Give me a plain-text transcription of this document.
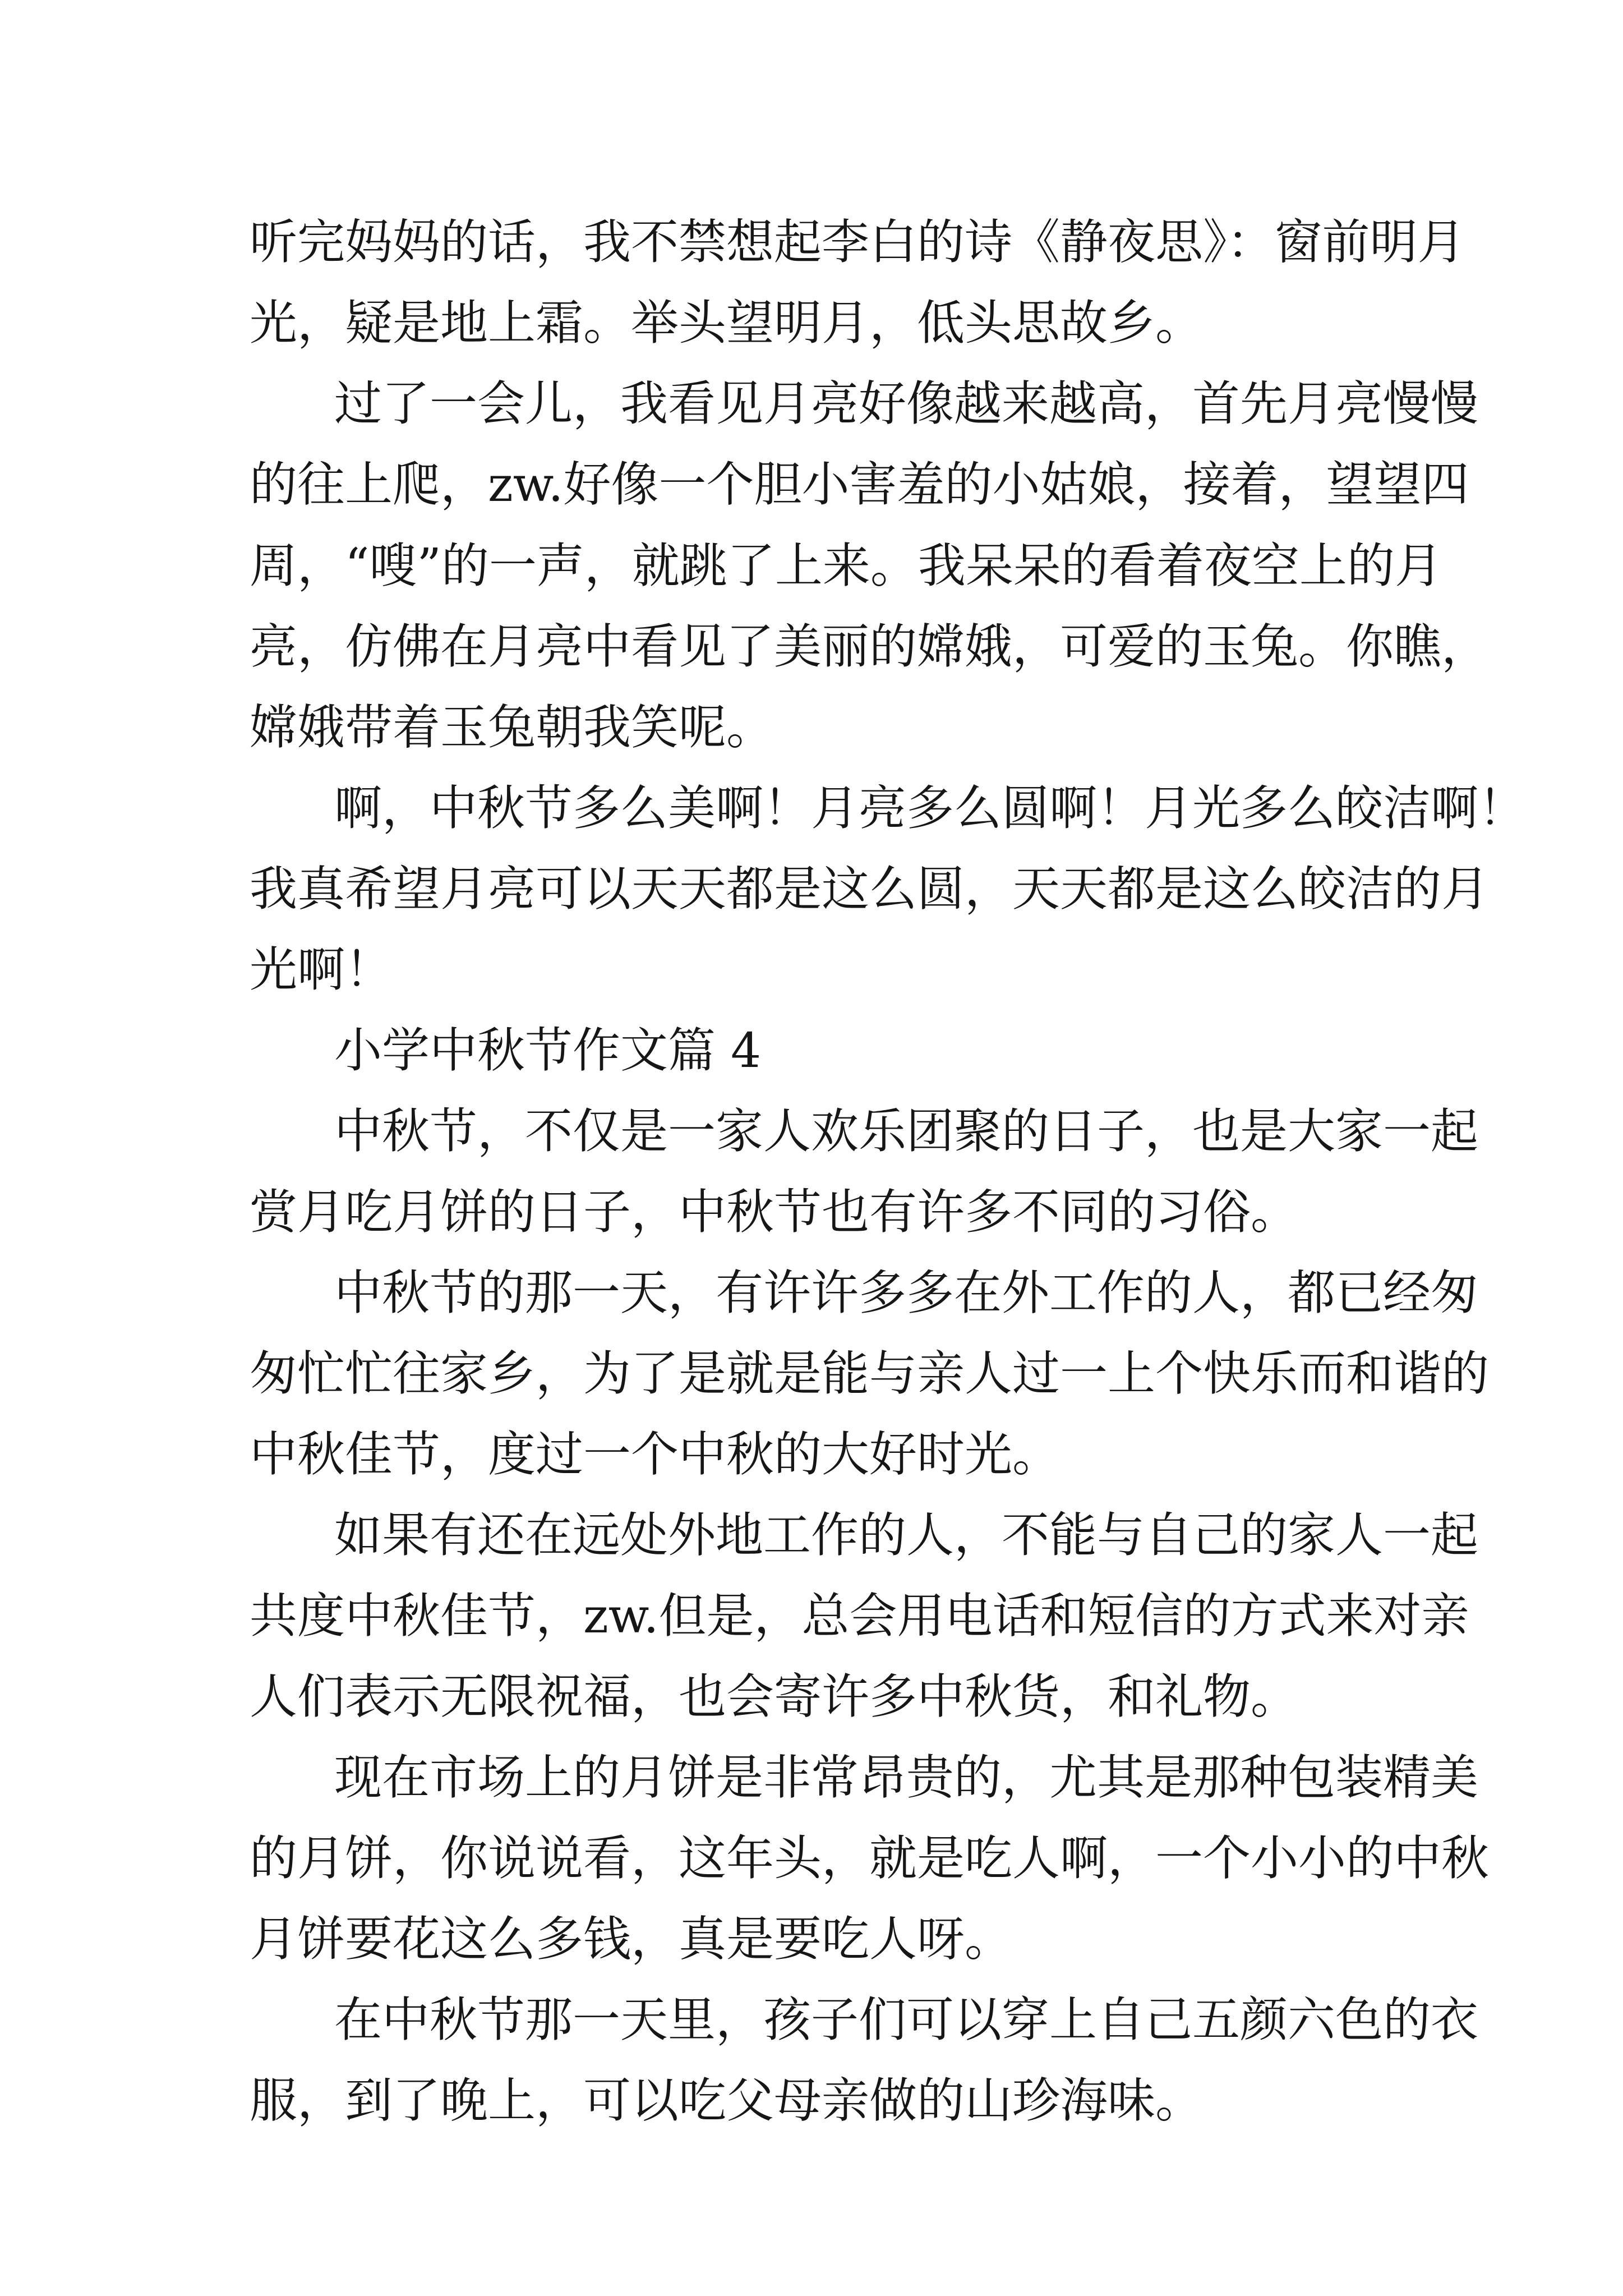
听完妈妈的话，我不禁想起李白的诗《静夜思》：窗前明月

光，疑是地上霜。举头望明月，低头思故乡。

过了一会儿，我看见月亮好像越来越高，首先月亮慢慢

的往上爬，zw.好像一个胆小害羞的小姑娘，接着，望望四

周，“嗖”的一声，就跳了上来。我呆呆的看着夜空上的月

亮，仿佛在月亮中看见了美丽的嫦娥，可爱的玉兔。你瞧，

嫦娥带着玉兔朝我笑呢。

啊，中秋节多么美啊！月亮多么圆啊！月光多么皎洁啊！

我真希望月亮可以天天都是这么圆，天天都是这么皎洁的月

光啊！

小学中秋节作文篇 4

中秋节，不仅是一家人欢乐团聚的日子，也是大家一起

赏月吃月饼的日子，中秋节也有许多不同的习俗。

中秋节的那一天，有许许多多在外工作的人，都已经匆

匆忙忙往家乡，为了是就是能与亲人过一上个快乐而和谐的

中秋佳节，度过一个中秋的大好时光。

如果有还在远处外地工作的人，不能与自己的家人一起

共度中秋佳节，zw.但是，总会用电话和短信的方式来对亲

人们表示无限祝福，也会寄许多中秋货，和礼物。

现在市场上的月饼是非常昂贵的，尤其是那种包装精美

的月饼，你说说看，这年头，就是吃人啊，一个小小的中秋

月饼要花这么多钱，真是要吃人呀。

在中秋节那一天里，孩子们可以穿上自己五颜六色的衣

服，到了晚上，可以吃父母亲做的山珍海味。
